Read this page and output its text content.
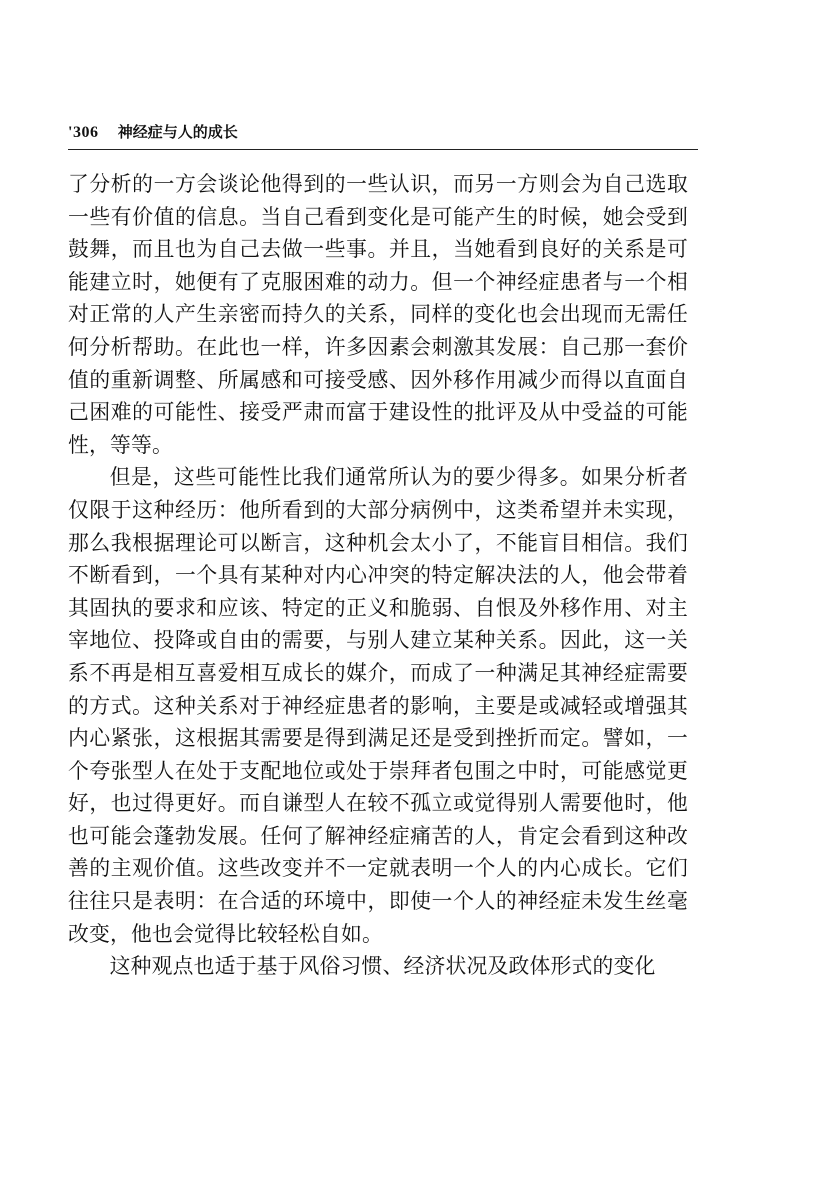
'306 神经症与人的成长

了分析的一方会谈论他得到的一些认识，而另一方则会为自己选取一些有价值的信息。当自己看到变化是可能产生的时候，她会受到鼓舞，而且也为自己去做一些事。并且，当她看到良好的关系是可能建立时，她便有了克服困难的动力。但一个神经症患者与一个相对正常的人产生亲密而持久的关系，同样的变化也会出现而无需任何分析帮助。在此也一样，许多因素会刺激其发展：自己那一套价值的重新调整、所属感和可接受感、因外移作用减少而得以直面自己困难的可能性、接受严肃而富于建设性的批评及从中受益的可能性，等等。

但是，这些可能性比我们通常所认为的要少得多。如果分析者仅限于这种经历：他所看到的大部分病例中，这类希望并未实现，那么我根据理论可以断言，这种机会太小了，不能盲目相信。我们不断看到，一个具有某种对内心冲突的特定解决法的人，他会带着其固执的要求和应该、特定的正义和脆弱、自恨及外移作用、对主宰地位、投降或自由的需要，与别人建立某种关系。因此，这一关系不再是相互喜爱相互成长的媒介，而成了一种满足其神经症需要的方式。这种关系对于神经症患者的影响，主要是或减轻或增强其内心紧张，这根据其需要是得到满足还是受到挫折而定。譬如，一个夸张型人在处于支配地位或处于崇拜者包围之中时，可能感觉更好，也过得更好。而自谦型人在较不孤立或觉得别人需要他时，他也可能会蓬勃发展。任何了解神经症痛苦的人，肯定会看到这种改善的主观价值。这些改变并不一定就表明一个人的内心成长。它们往往只是表明：在合适的环境中，即使一个人的神经症未发生丝毫改变，他也会觉得比较轻松自如。

这种观点也适于基于风俗习惯、经济状况及政体形式的变化
